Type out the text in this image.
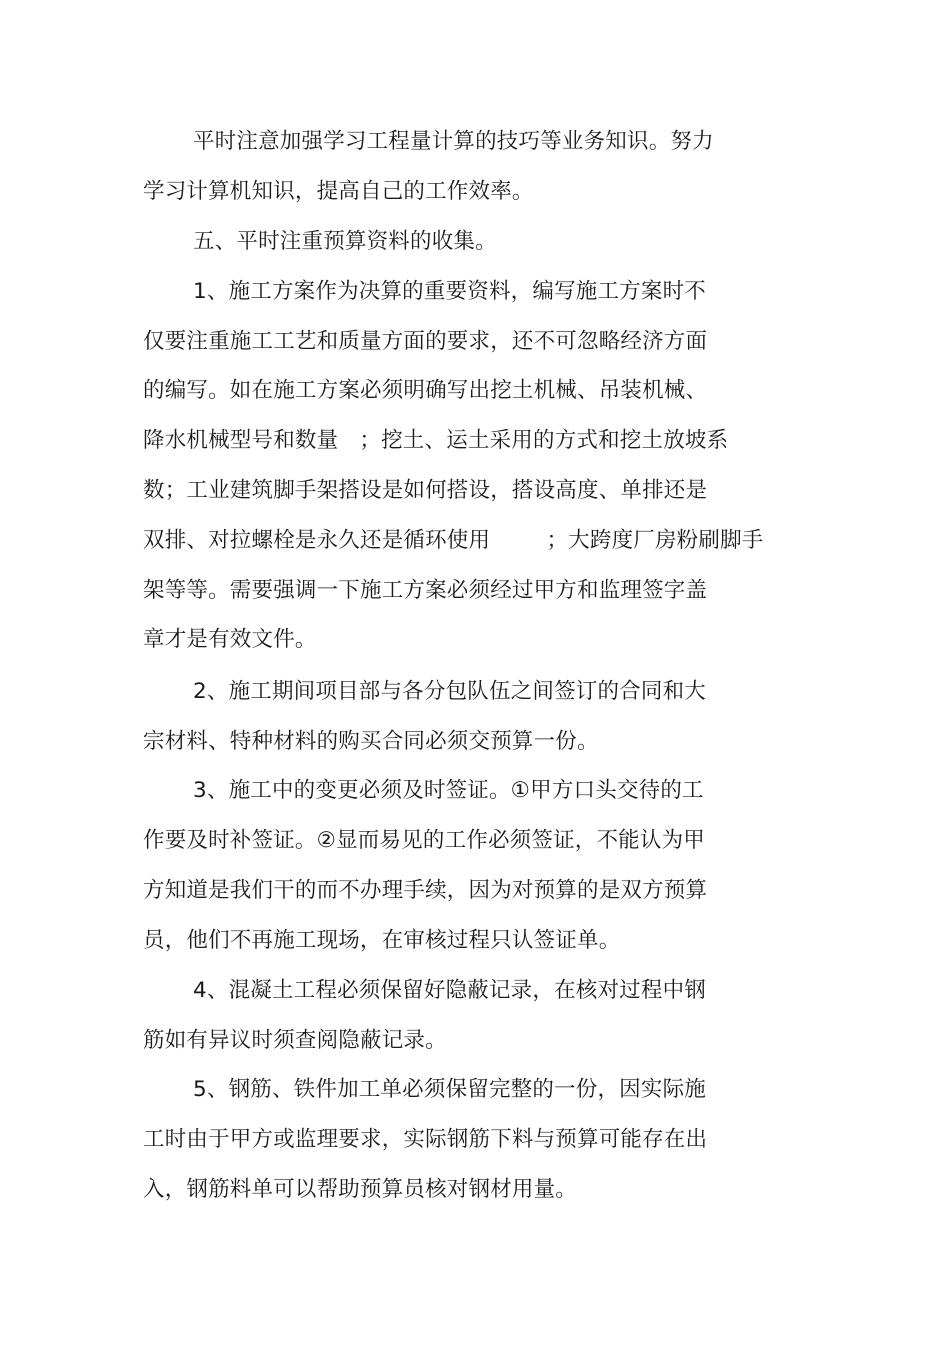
平时注意加强学习工程量计算的技巧等业务知识。努力
学习计算机知识，提高自己的工作效率。
五、平时注重预算资料的收集。
1、施工方案作为决算的重要资料，编写施工方案时不
仅要注重施工工艺和质量方面的要求，还不可忽略经济方面
的编写。如在施工方案必须明确写出挖土机械、吊装机械、
降水机械型号和数量   ；挖土、运土采用的方式和挖土放坡系
数；工业建筑脚手架搭设是如何搭设，搭设高度、单排还是
双排、对拉螺栓是永久还是循环使用        ；大跨度厂房粉刷脚手
架等等。需要强调一下施工方案必须经过甲方和监理签字盖
章才是有效文件。
2、施工期间项目部与各分包队伍之间签订的合同和大
宗材料、特种材料的购买合同必须交预算一份。
3、施工中的变更必须及时签证。①甲方口头交待的工
作要及时补签证。②显而易见的工作必须签证，不能认为甲
方知道是我们干的而不办理手续，因为对预算的是双方预算
员，他们不再施工现场，在审核过程只认签证单。
4、混凝土工程必须保留好隐蔽记录，在核对过程中钢
筋如有异议时须查阅隐蔽记录。
5、钢筋、铁件加工单必须保留完整的一份，因实际施
工时由于甲方或监理要求，实际钢筋下料与预算可能存在出
入，钢筋料单可以帮助预算员核对钢材用量。
